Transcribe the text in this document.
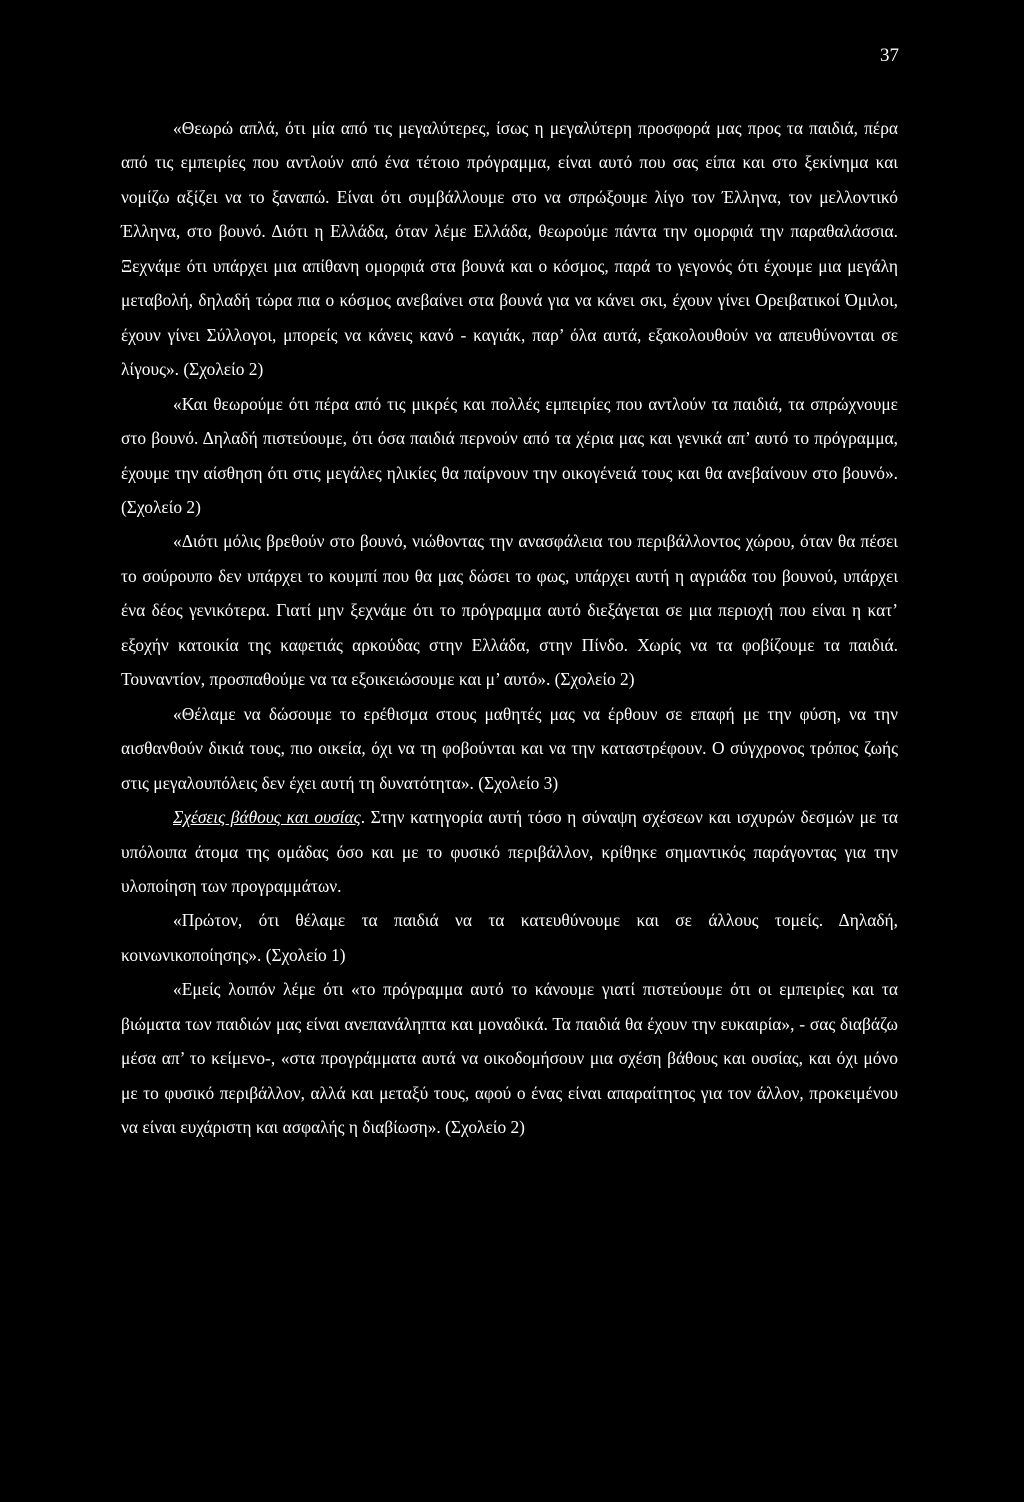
37

«Θεωρώ απλά, ότι μία από τις μεγαλύτερες, ίσως η μεγαλύτερη προσφορά μας προς τα παιδιά, πέρα από τις εμπειρίες που αντλούν από ένα τέτοιο πρόγραμμα, είναι αυτό που σας είπα και στο ξεκίνημα και νομίζω αξίζει να το ξαναπώ. Είναι ότι συμβάλλουμε στο να σπρώξουμε λίγο τον Έλληνα, τον μελλοντικό Έλληνα, στο βουνό. Διότι η Ελλάδα, όταν λέμε Ελλάδα, θεωρούμε πάντα την ομορφιά την παραθαλάσσια. Ξεχνάμε ότι υπάρχει μια απίθανη ομορφιά στα βουνά και ο κόσμος, παρά το γεγονός ότι έχουμε μια μεγάλη μεταβολή, δηλαδή τώρα πια ο κόσμος ανεβαίνει στα βουνά για να κάνει σκι, έχουν γίνει Ορειβατικοί Όμιλοι, έχουν γίνει Σύλλογοι, μπορείς να κάνεις κανό - καγιάκ, παρ’ όλα αυτά, εξακολουθούν να απευθύνονται σε λίγους». (Σχολείο 2)

«Και θεωρούμε ότι πέρα από τις μικρές και πολλές εμπειρίες που αντλούν τα παιδιά, τα σπρώχνουμε στο βουνό. Δηλαδή πιστεύουμε, ότι όσα παιδιά περνούν από τα χέρια μας και γενικά απ’ αυτό το πρόγραμμα, έχουμε την αίσθηση ότι στις μεγάλες ηλικίες θα παίρνουν την οικογένειά τους και θα ανεβαίνουν στο βουνό». (Σχολείο 2)

«Διότι μόλις βρεθούν στο βουνό, νιώθοντας την ανασφάλεια του περιβάλλοντος χώρου, όταν θα πέσει το σούρουπο δεν υπάρχει το κουμπί που θα μας δώσει το φως, υπάρχει αυτή η αγριάδα του βουνού, υπάρχει ένα δέος γενικότερα. Γιατί μην ξεχνάμε ότι το πρόγραμμα αυτό διεξάγεται σε μια περιοχή που είναι η κατ’ εξοχήν κατοικία της καφετιάς αρκούδας στην Ελλάδα, στην Πίνδο. Χωρίς να τα φοβίζουμε τα παιδιά. Τουναντίον, προσπαθούμε να τα εξοικειώσουμε και μ’ αυτό». (Σχολείο 2)

«Θέλαμε να δώσουμε το ερέθισμα στους μαθητές μας να έρθουν σε επαφή με την φύση, να την αισθανθούν δικιά τους, πιο οικεία, όχι να τη φοβούνται και να την καταστρέφουν. Ο σύγχρονος τρόπος ζωής στις μεγαλουπόλεις δεν έχει αυτή τη δυνατότητα». (Σχολείο 3)

Σχέσεις βάθους και ουσίας. Στην κατηγορία αυτή τόσο η σύναψη σχέσεων και ισχυρών δεσμών με τα υπόλοιπα άτομα της ομάδας όσο και με το φυσικό περιβάλλον, κρίθηκε σημαντικός παράγοντας για την υλοποίηση των προγραμμάτων.

«Πρώτον, ότι θέλαμε τα παιδιά να τα κατευθύνουμε και σε άλλους τομείς. Δηλαδή, κοινωνικοποίησης». (Σχολείο 1)

«Εμείς λοιπόν λέμε ότι «το πρόγραμμα αυτό το κάνουμε γιατί πιστεύουμε ότι οι εμπειρίες και τα βιώματα των παιδιών μας είναι ανεπανάληπτα και μοναδικά. Τα παιδιά θα έχουν την ευκαιρία», - σας διαβάζω μέσα απ’ το κείμενο-, «στα προγράμματα αυτά να οικοδομήσουν μια σχέση βάθους και ουσίας, και όχι μόνο με το φυσικό περιβάλλον, αλλά και μεταξύ τους, αφού ο ένας είναι απαραίτητος για τον άλλον, προκειμένου να είναι ευχάριστη και ασφαλής η διαβίωση». (Σχολείο 2)
